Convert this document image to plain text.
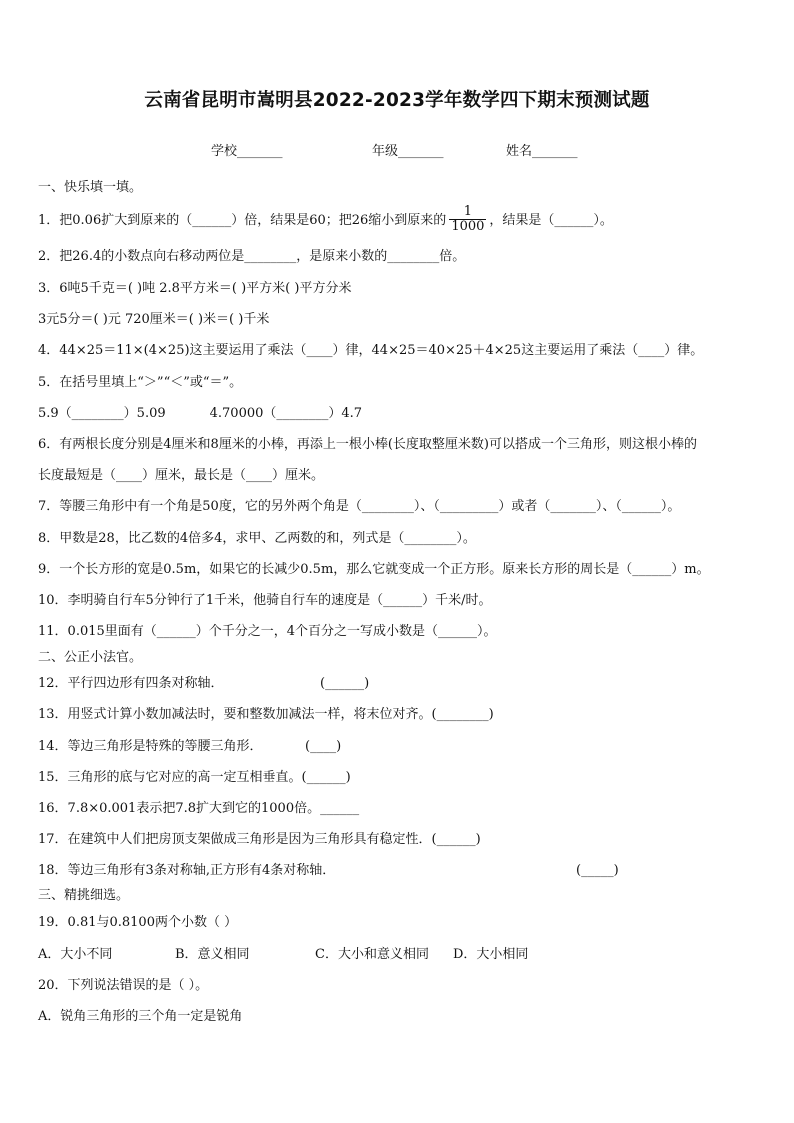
云南省昆明市嵩明县2022-2023学年数学四下期末预测试题
学校_______	年级_______	姓名_______
一、快乐填一填。
1．把0.06扩大到原来的（______）倍，结果是60；把26缩小到原来的 $\frac{1}{1000}$ ，结果是（______）。
2．把26.4的小数点向右移动两位是________，是原来小数的________倍。
3．6吨5千克＝( )吨 2.8平方米＝( )平方米( )平方分米
3元5分＝( )元 720厘米＝( )米＝( )千米
4．44×25＝11×(4×25)这主要运用了乘法（____）律，44×25＝40×25＋4×25这主要运用了乘法（____）律。
5．在括号里填上“＞”“＜”或“＝”。
5.9（________）5.09	4.70000（________）4.7
6．有两根长度分别是4厘米和8厘米的小棒，再添上一根小棒(长度取整厘米数)可以搭成一个三角形，则这根小棒的
长度最短是（____）厘米，最长是（____）厘米。
7．等腰三角形中有一个角是50度，它的另外两个角是（________）、（_________）或者（_______）、（______）。
8．甲数是28，比乙数的4倍多4，求甲、乙两数的和，列式是（________）。
9．一个长方形的宽是0.5m，如果它的长减少0.5m，那么它就变成一个正方形。原来长方形的周长是（______）m。
10．李明骑自行车5分钟行了1千米，他骑自行车的速度是（______）千米/时。
11．0.015里面有（______）个千分之一，4个百分之一写成小数是（______）。
二、公正小法官。
12．平行四边形有四条对称轴．	(______)
13．用竖式计算小数加减法时，要和整数加减法一样，将末位对齐。(________)
14．等边三角形是特殊的等腰三角形．	(____)
15．三角形的底与它对应的高一定互相垂直。(______)
16．7.8×0.001表示把7.8扩大到它的1000倍。______
17．在建筑中人们把房顶支架做成三角形是因为三角形具有稳定性．(______)
18．等边三角形有3条对称轴,正方形有4条对称轴．	(_____)
三、精挑细选。
19．0.81与0.8100两个小数（ ）
A．大小不同	B．意义相同	C．大小和意义相同 D．大小相同
20．下列说法错误的是（ ）。
A．锐角三角形的三个角一定是锐角
